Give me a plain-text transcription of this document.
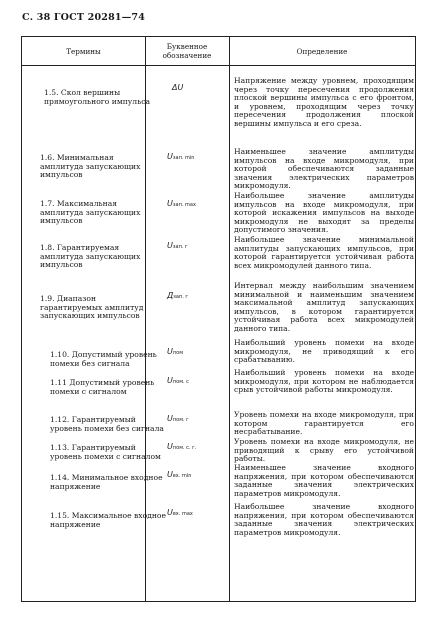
С. 38 ГОСТ 20281—74
Термины
Буквенное обозначение	Определение
1.5. Скол вершины прямоугольного импульса
ΔU
Напряжение между уровнем, проходящим через точку пересечения продолжения плоской вершины импульса с его фронтом, и уровнем, проходящим через точку пересечения продолжения плоской вершины импульса и его среза.
1.6. Минимальная амплитуда запускающих импульсов
Uзап. min
Наименьшее значение амплитуды импульсов на входе микромодуля, при которой обеспечиваются заданные значения электрических параметров микромодуля.
1.7. Максимальная амплитуда запускающих импульсов
Uзап. max
Наибольшее значение амплитуды импульсов на входе микромодуля, при которой искажения импульсов на выходе микромодуля не выходят за пределы допустимого значения.
1.8. Гарантируемая амплитуда запускающих импульсов
Uзап. г
Наибольшее значение минимальной амплитуды запускающих импульсов, при которой гарантируется устойчивая работа всех микромодулей данного типа.
1.9. Диапазон гарантируемых амплитуд запускающих импульсов
Дзап. г
Интервал между наибольшим значением минимальной и наименьшим значением максимальной амплитуд запускающих импульсов, в котором гарантируется устойчивая работа всех микромодулей данного типа.
1.10. Допустимый уровень помехи без сигнала
Uпом
Наибольший уровень помехи на входе микромодуля, не приводящий к его срабатыванию.
1.11 Допустимый уровень помехи с сигналом
Uпом. с
Наибольший уровень помехи на входе микромодуля, при котором не наблюдается срыв устойчивой работы микромодуля.
1.12. Гарантируемый уровень помехи без сигнала
Uпом. г
Уровень помехи на входе микромодуля, при котором гарантируется его несрабатывание.
1.13. Гарантируемый уровень помехи с сигналом
Uпом. с. г.
Уровень помехи на входе микромодуля, не приводящий к срыву его устойчивой работы.
1.14. Минимальное входное напряжение
Uвх. min
Наименьшее значение входного напряжения, при котором обеспечиваются заданные значения электрических параметров микромодуля.
1.15. Максимальное входное напряжение
Uвх. max
Наибольшее значение входного напряжения, при котором обеспечиваются заданные значения электрических параметров микромодуля.
